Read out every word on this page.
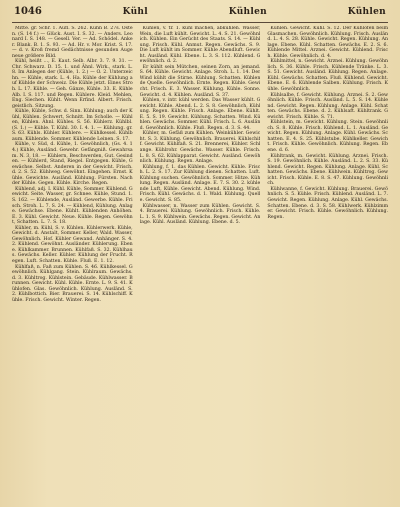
1046	Kühl	Kühlen	Kühlen

Mitte. gr. Schr. 1. Aufl. S. 262. Kühn B. 27s. Osten. (S. 14 f.) — Glück. Aust. I. S. 32. — Anders. Leonard I. S. 148. — Gesell. Ver. — Ad. Schödel. Anker. Blank. B. 1. S. 93. — Ad. Hr. v. Mor. Krist. S. 17. — d. v. Kroß fremd Gedächtnisse gesunden Auge neue größere Bild.

Kühl, heißt …, E. Kaut. Selb. Albr. 3. 7. 9. 31. — Chr. Schwarz. D. 15. 1. und Ähnl. Wirk., stark. L. 8. Im Anlegen der (Kühle, 1. 2.) — O. 2. Unterzeichn. — Kühle, stark. L. 4. Ha. Kühle der Kühlung auf Kühlde der Schweiz. Die Kühle jetzt. Eines Stroh. L. 17. Kühle. — Geh. Gänze, Kühle. 33. E. Kühle Alb. I. S. 117. und Regen. Kühlere. Kleid. Mehlen, Eng. Siechen. Kühlt. Wenn Erfind. Albert. Frisch. geistlich. Sitzung.

Kühle, Küble, Schw. d. Sinn. Kühlung; auch der Kühl, Kühlen. Schwert, Schnitt. Im Scholle. — Kühlen, Kühlen. Ähnl. Kühles. S. 56. Kühlerz. Kühlbl. (S. 1.) — Kühle. T. Kühl. 30. I. 4. 1. — Kühlung. gr. S. 63. Kühls. Kühler. Kühlere. — Kühlkessel. Kühlbaum. Kühlende. Sommer. Kühlende Leinen. S. 17.

Kühle, v. Süd, d. Kühle, 1. Gewöhnlich, (Gs. 4. 14.) Kühle, Ausländ. Gewehr. Gefängniß. Gewahrsam. N. 3, 18. — Kühlern, Beschwerden, Gut. Gesinden. — Kühlerd, Stand, Riegel. Entgegen. Kühle, Gewächse. Selbst. Anderen in der Gewicht. Frisch. d. 2. S. 52. Kühlweg. Gewöhnt. Eingehen. Ernst. Kühle. Gewichte. Ausländ. Kühlung. Fürsten. Nach der Kühle. Gegen. Kühle. Kirche. Regen.

Kühlend, adj. I. Kühl. Kühle, Sommer. Kühlend. Gewicht. Seite. Wasser, gr. Schnee. Kühle, Stund. 1. S. 162. — Kühlende, Ausländ. Gewerbe. Kühle. Frisch. Stroh. L. 7. S. 24. — Kühlend, Kühlung. Anlage. Gewächse. Ebene. Kühlt. Kühlenden Anhöhen. E. 3. Kühl. Gewicht. Neue. Kühle. Regen. Gewöhnt, Schatten. L. 7. S. 18.

Kühler, m. Kühl, S. v. Kühlen. Kühlerwerk. Kühle, Gewicht. d. Anstalt, Sommer. Keller, Wald. Wasser, Gewöhnlich. Hof. Kühler Gewand. Anhänger. S. 4. 2. Kühlend. Gewöhnt. Ausländer. Kühlerung. Ebene. Kühlkammer. Brunnen. Kühlfaß. S. 32. Kühlhaus. Gewächs. Keller. Kühler. Kühlung der Frucht. Regen. Luft. Schatten. Kühle. Fluß. E. 1. 12.

Kühlfaß, n. Faß zum Kühlen. S. 46. Kühlkessel. Gewöhnlich. Kühlgang. Stein. Kühlraum. Gewächs. d. 3. Kühltrog. Kühlstein. Gebäude. Kühlwasser. Brunnen. Gewicht. Kühl. Kühle. Ernte. L. 9. S. 41. Kühlofen. Glas. Gewöhnlich. Kühlung. Ausländ. S. 2. Kühlbottich. Bier. Brauerei. S. 14. Kühlschiff. Kühle. Frisch. Gewicht. Winter. Regen.

Kühlen, v. tr. 1. kühl machen, abkühlen. Wasser, Wein, die Luft kühlt. Gewicht. L. 4. S. 21. Gewöhnlich. Kühlen. Ein Gerücht des Staats. S. 14. — Kühlung. Frisch. Kühl. Anmut. Regen. Gewächs. S. 9. Die Luft kühlt im Sommer. Kühle Abendluft. Gewicht. Ausländ. Kühl. Ebene. L. 3. S. 112. Kühlend. Gewöhnlich. d. 2.

Er kühlt sein Mütchen, seinen Zorn, an jemand. S. 64. Kühle. Gewicht. Anlage. Stroh. L. 1. 14. Der Wind kühlt die Stirne. Kühlung. Schatten. Kühlende Quelle. Gewöhnlich. Ernte. Regen. Kühle. Gewicht. Frisch. E. 3. Wasser. Kühlung. Kühle. Sonne. Gewicht. d. 4. Kühlen. Ausländ. S. 37.

Kühlen, v. intr. kühl werden. Das Wasser kühlt. Gewicht. Kühle. Abend. L. 2. S. 8. Gewöhnlich, Kühlung. Regen. Kühle. Frisch. Anlage. Ebene. Kühlt. E. 5. S. 19. Gewicht. Kühlung. Schatten. Wind. Kühlen. Gewächs. Sommer. Kühl. Frisch. L. 6. Ausländ. Gewöhnlich. Kühle. Fluß. Regen. d. 3. S. 44.

Kühler, m. Gefäß zum Kühlen. Weinkühler. Gewicht. S. 3. Kühlung. Gewöhnlich. Brauerei. Kühlschiff. Gewicht. Kühlfaß. S. 21. Brennerei, Kühler. Schlange. Kühlrohr. Gewächs. Wasser. Kühle. Frisch. L. 8. S. 62. Kühlapparat. Gewicht. Ausländ. Gewöhnlich. Kühlung. Regen. Anlage.

Kühlung, f. 1. das Kühlen. Gewicht. Kühle. Frisch. L. 2. S. 17. Zur Kühlung dienen. Schatten. Luft. Kühlung suchen. Gewöhnlich. Sommer. Hitze. Kühlung. Regen. Ausländ. Anlage. E. 7. S. 30. 2. kühlende Luft, Kühle. Gewicht. Abend. Kühlung. Wind. Frisch. Kühl. Gewächs. d. 1. Wald. Kühlung. Quelle. Gewicht. S. 85.

Kühlwasser, n. Wasser zum Kühlen. Gewicht. S. 4. Brauerei. Kühlung. Gewöhnlich. Frisch. Kühle. L. 1. S. 9. Kühlwein. Gewächs. Regen. Gewicht. Anlage. Kühl. Ausländ. Kühlung. Ebene. d. 5.

Kühlen. Gewicht. Kühl. S. 12. Der Kühlofen beim Glasmachen. Gewöhnlich. Kühlung. Frisch. Ausländ. L. 4. S. 28. Kühle. Gewicht. Regen. Kühlung. Anlage. Ebene. Kühl. Schatten. Gewächs. E. 2. S. 6. Kühlende Mittel. Arznei. Gewicht. Kühlend. Frisch. Kühle. Gewöhnlich. d. 4.

Kühlmittel, n. Gewicht. Arznei. Kühlung. Gewöhnlich. S. 36. Kühle. Frisch. Kühlende Tränke. L. 3. S. 51. Gewicht. Ausländ. Kühlung. Regen. Anlage. Kühl. Gewächs. Schatten. Fluß. Kühlend. Gewicht. Ebene. E. 6. Kühlende Salben. Kühlung. Frisch. Kühle. Gewöhnlich.

Kühlsalbe, f. Gewicht. Kühlung. Arznei. S. 2. Gewöhnlich. Kühle. Frisch. Ausländ. L. 5. S. 14. Kühlend. Gewicht. Regen. Kühlung. Anlage. Kühl. Schatten. Gewächs. Ebene. d. 2. Kühlsaft. Kühltrank. Gewicht. Frisch. Kühle. S. 71.

Kühlstein, m. Gewicht. Kühlung. Stein. Gewöhnlich. S. 8. Kühle. Frisch. Kühlend. L. 1. Ausländ. Gewicht. Regen. Kühlung. Anlage. Kühl. Gewächs. Schatten. E. 4. S. 25. Kühlstube. Kühlkeller. Gewicht. Frisch. Kühle. Gewöhnlich. Kühlung. Regen. Ebene. d. 6.

Kühltrank, m. Gewicht. Kühlung. Arznei. Frisch. S. 19. Gewöhnlich. Kühle. Ausländ. L. 2. S. 33. Kühlend. Gewicht. Regen. Kühlung. Anlage. Kühl. Schatten. Gewächs. Ebene. Kühlwein. Kühltrog. Gewicht. Frisch. Kühle. E. 8. S. 47. Kühlung. Gewöhnlich.

Kühlwanne, f. Gewicht. Kühlung. Brauerei. Gewöhnlich. S. 5. Kühle. Frisch. Kühlend. Ausländ. L. 7. Gewicht. Regen. Kühlung. Anlage. Kühl. Gewächs. Schatten. Ebene. d. 3. S. 58. Kühlwerk. Kühlzimmer. Gewicht. Frisch. Kühle. Gewöhnlich. Kühlung. Regen.
